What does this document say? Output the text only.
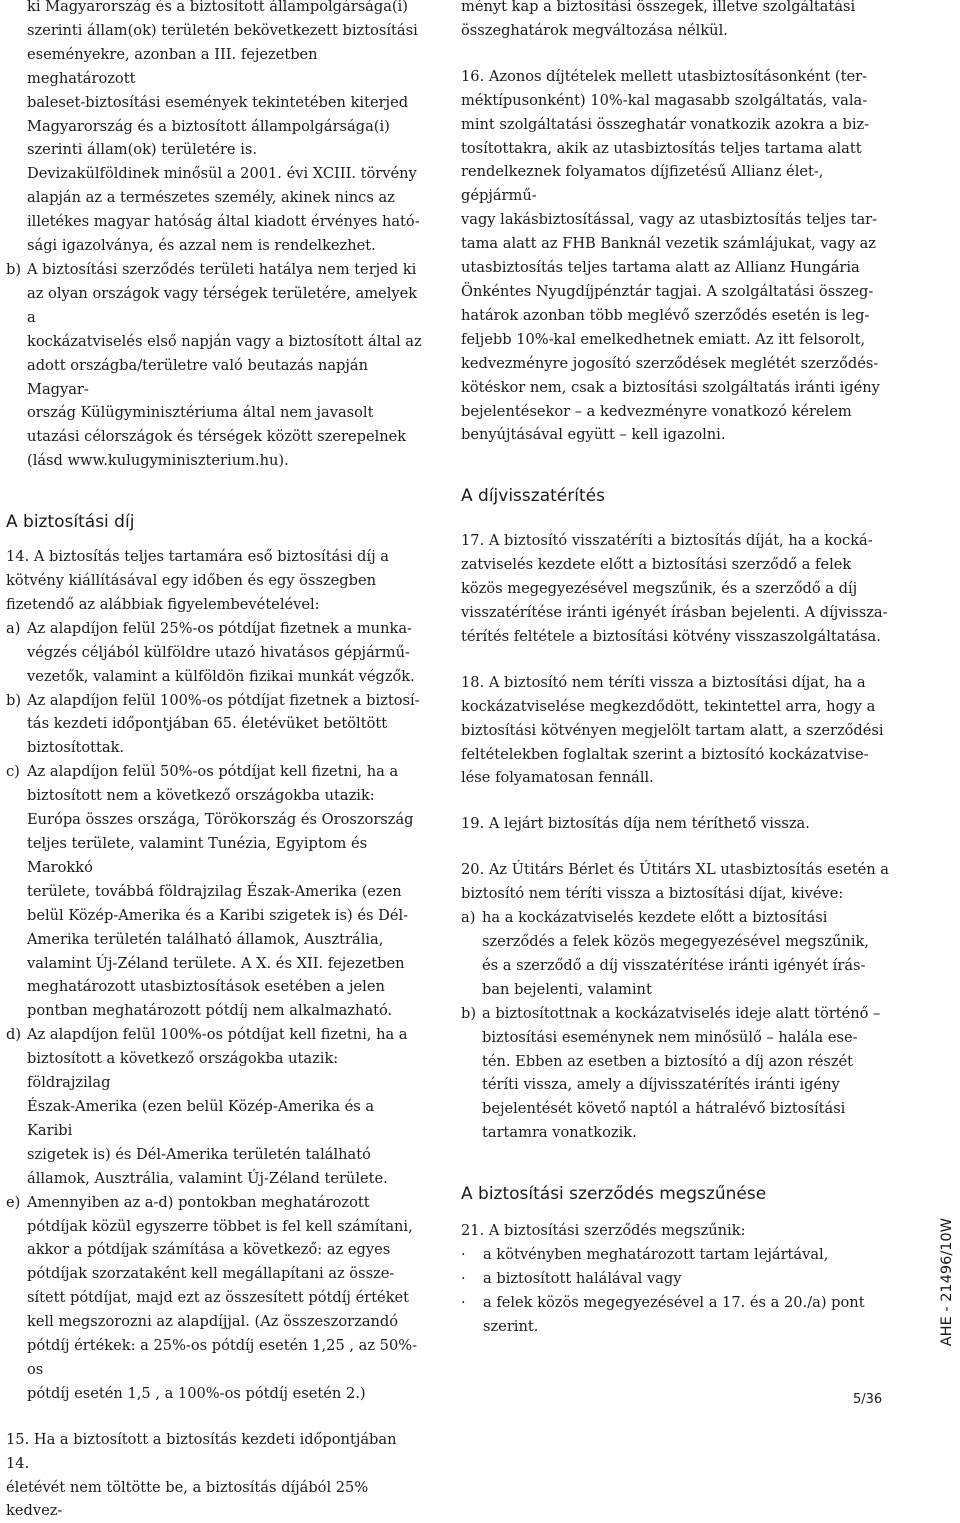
ki Magyarország és a biztosított állampolgársága(i)

szerinti állam(ok) területén bekövetkezett biztosítási

eseményekre, azonban a III. fejezetben meghatározott

baleset-biztosítási események tekintetében kiterjed

Magyarország és a biztosított állampolgársága(i)

szerinti állam(ok) területére is.

Devizakülföldinek minősül a 2001. évi XCIII. törvény

alapján az a természetes személy, akinek nincs az

illetékes magyar hatóság által kiadott érvényes ható-

sági igazolványa, és azzal nem is rendelkezhet.

b) A biztosítási szerződés területi hatálya nem terjed ki

az olyan országok vagy térségek területére, amelyek a

kockázatviselés első napján vagy a biztosított által az

adott országba/területre való beutazás napján Magyar-

ország Külügyminisztériuma által nem javasolt

utazási célországok és térségek között szerepelnek

(lásd www.kulugyminiszterium.hu).

A biztosítási díj

14. A biztosítás teljes tartamára eső biztosítási díj a

kötvény kiállításával egy időben és egy összegben

fizetendő az alábbiak figyelembevételével:

a) Az alapdíjon felül 25%-os pótdíjat fizetnek a munka-

végzés céljából külföldre utazó hivatásos gépjármű-

vezetők, valamint a külföldön fizikai munkát végzők.

b) Az alapdíjon felül 100%-os pótdíjat fizetnek a biztosí-

tás kezdeti időpontjában 65. életévüket betöltött

biztosítottak.

c) Az alapdíjon felül 50%-os pótdíjat kell fizetni, ha a

biztosított nem a következő országokba utazik:

Európa összes országa, Törökország és Oroszország

teljes területe, valamint Tunézia, Egyiptom és Marokkó

területe, továbbá földrajzilag Észak-Amerika (ezen

belül Közép-Amerika és a Karibi szigetek is) és Dél-

Amerika területén található államok, Ausztrália,

valamint Új-Zéland területe. A X. és XII. fejezetben

meghatározott utasbiztosítások esetében a jelen

pontban meghatározott pótdíj nem alkalmazható.

d) Az alapdíjon felül 100%-os pótdíjat kell fizetni, ha a

biztosított a következő országokba utazik: földrajzilag

Észak-Amerika (ezen belül Közép-Amerika és a Karibi

szigetek is) és Dél-Amerika területén található

államok, Ausztrália, valamint Új-Zéland területe.

e) Amennyiben az a-d) pontokban meghatározott

pótdíjak közül egyszerre többet is fel kell számítani,

akkor a pótdíjak számítása a következő: az egyes

pótdíjak szorzataként kell megállapítani az össze-

sített pótdíjat, majd ezt az összesített pótdíj értéket

kell megszorozni az alapdíjjal. (Az összeszorzandó

pótdíj értékek: a 25%-os pótdíj esetén 1,25 , az 50%-os

pótdíj esetén 1,5 , a 100%-os pótdíj esetén 2.)

15. Ha a biztosított a biztosítás kezdeti időpontjában 14.

életévét nem töltötte be, a biztosítás díjából 25% kedvez-

ményt kap a biztosítási összegek, illetve szolgáltatási

összeghatárok megváltozása nélkül.

16. Azonos díjtételek mellett utasbiztosításonként (ter-

méktípusonként) 10%-kal magasabb szolgáltatás, vala-

mint szolgáltatási összeghatár vonatkozik azokra a biz-

tosítottakra, akik az utasbiztosítás teljes tartama alatt

rendelkeznek folyamatos díjfizetésű Allianz élet-, gépjármű-

vagy lakásbiztosítással, vagy az utasbiztosítás teljes tar-

tama alatt az FHB Banknál vezetik számlájukat, vagy az

utasbiztosítás teljes tartama alatt az Allianz Hungária

Önkéntes Nyugdíjpénztár tagjai. A szolgáltatási összeg-

határok azonban több meglévő szerződés esetén is leg-

feljebb 10%-kal emelkedhetnek emiatt. Az itt felsorolt,

kedvezményre jogosító szerződések meglétét szerződés-

kötéskor nem, csak a biztosítási szolgáltatás iránti igény

bejelentésekor – a kedvezményre vonatkozó kérelem

benyújtásával együtt – kell igazolni.

A díjvisszatérítés

17. A biztosító visszatéríti a biztosítás díját, ha a kocká-

zatviselés kezdete előtt a biztosítási szerződő a felek

közös megegyezésével megszűnik, és a szerződő a díj

visszatérítése iránti igényét írásban bejelenti. A díjvissza-

térítés feltétele a biztosítási kötvény visszaszolgáltatása.

18. A biztosító nem téríti vissza a biztosítási díjat, ha a

kockázatviselése megkezdődött, tekintettel arra, hogy a

biztosítási kötvényen megjelölt tartam alatt, a szerződési

feltételekben foglaltak szerint a biztosító kockázatvise-

lése folyamatosan fennáll.

19. A lejárt biztosítás díja nem téríthető vissza.

20. Az Útitárs Bérlet és Útitárs XL utasbiztosítás esetén a

biztosító nem téríti vissza a biztosítási díjat, kivéve:

a) ha a kockázatviselés kezdete előtt a biztosítási

szerződés a felek közös megegyezésével megszűnik,

és a szerződő a díj visszatérítése iránti igényét írás-

ban bejelenti, valamint

b) a biztosítottnak a kockázatviselés ideje alatt történő –

biztosítási eseménynek nem minősülő – halála ese-

tén. Ebben az esetben a biztosító a díj azon részét

téríti vissza, amely a díjvisszatérítés iránti igény

bejelentését követő naptól a hátralévő biztosítási

tartamra vonatkozik.

A biztosítási szerződés megszűnése

21. A biztosítási szerződés megszűnik:

·	a kötvényben meghatározott tartam lejártával,
·	a biztosított halálával vagy
·	a felek közös megegyezésével a 17. és a 20./a) pont szerint.	AHE - 21496/10W
5/36
